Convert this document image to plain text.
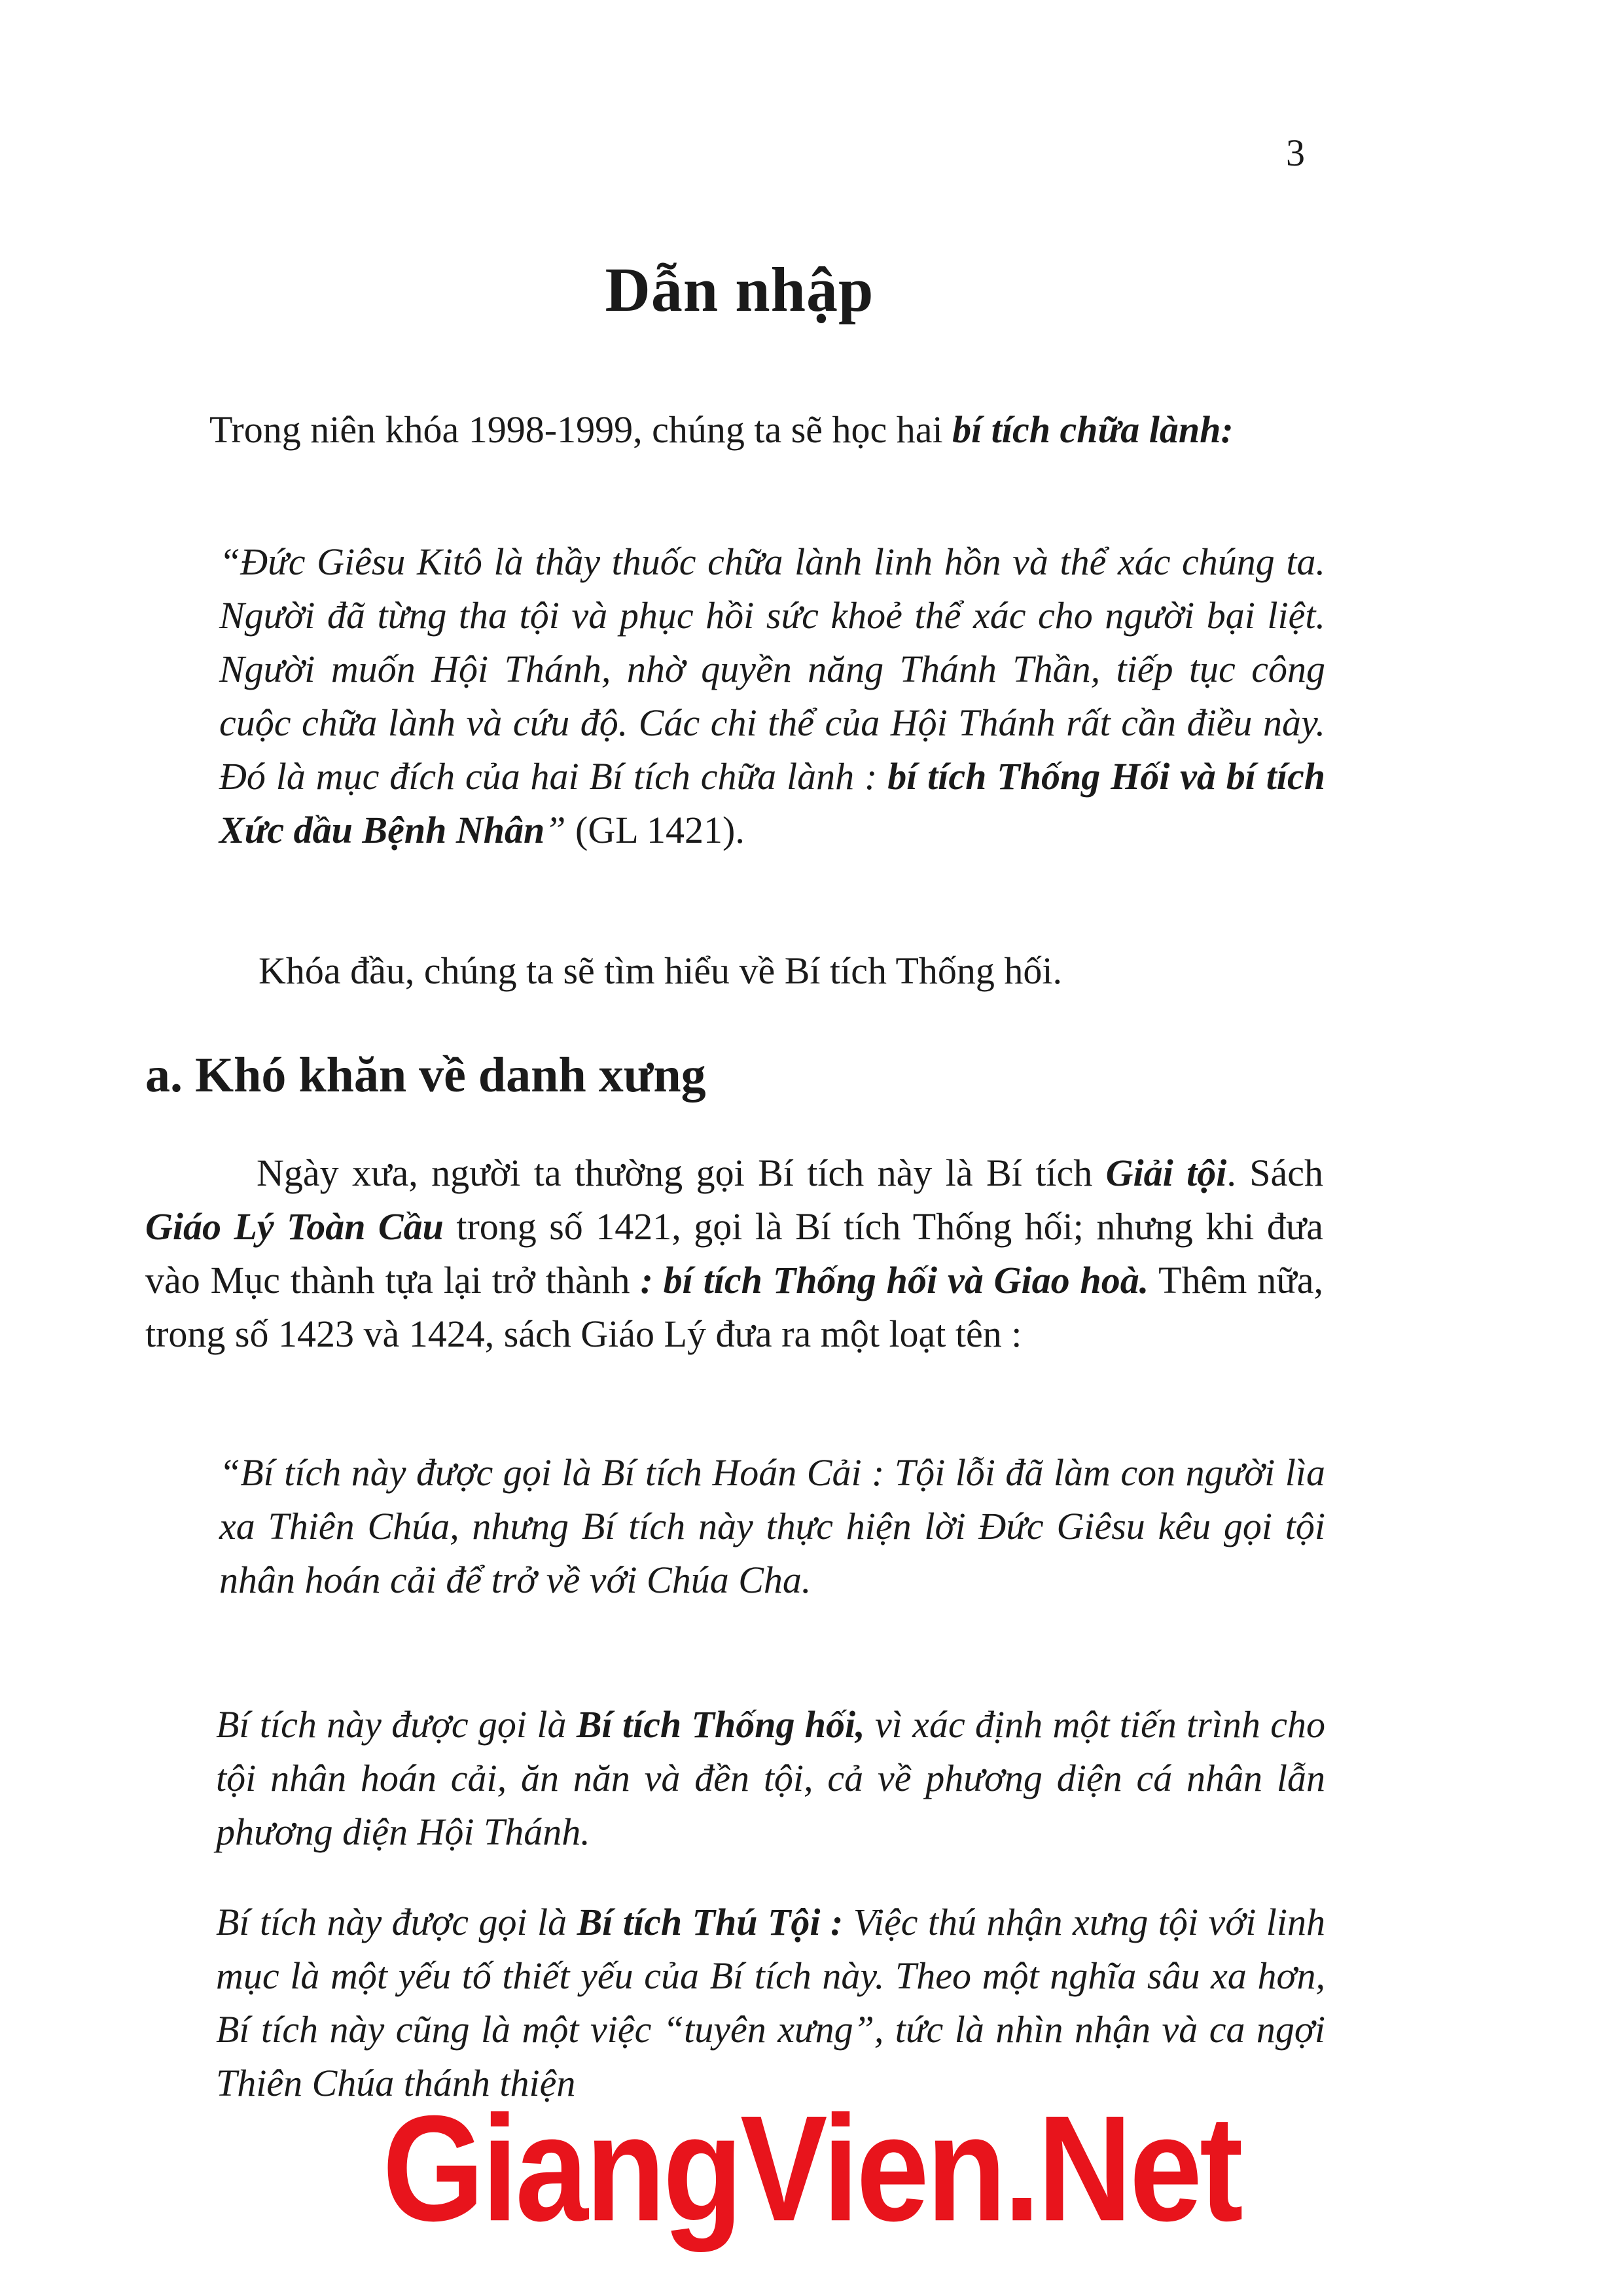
3
Dẫn nhập

Trong niên khóa 1998-1999, chúng ta sẽ học hai bí tích chữa lành:

“Đức Giêsu Kitô là thầy thuốc chữa lành linh hồn và thể xác chúng ta. Người đã từng tha tội và phục hồi sức khoẻ thể xác cho người bại liệt. Người muốn Hội Thánh, nhờ quyền năng Thánh Thần, tiếp tục công cuộc chữa lành và cứu độ. Các chi thể của Hội Thánh rất cần điều này. Đó là mục đích của hai Bí tích chữa lành : bí tích Thống Hối và bí tích Xức dầu Bệnh Nhân” (GL 1421).

Khóa đầu, chúng ta sẽ tìm hiểu về Bí tích Thống hối.

a. Khó khăn về danh xưng

Ngày xưa, người ta thường gọi Bí tích này là Bí tích Giải tội. Sách Giáo Lý Toàn Cầu trong số 1421, gọi là Bí tích Thống hối; nhưng khi đưa vào Mục thành tựa lại trở thành : bí tích Thống hối và Giao hoà. Thêm nữa, trong số 1423 và 1424, sách Giáo Lý đưa ra một loạt tên :

“Bí tích này được gọi là Bí tích Hoán Cải : Tội lỗi đã làm con người lìa xa Thiên Chúa, nhưng Bí tích này thực hiện lời Đức Giêsu kêu gọi tội nhân hoán cải để trở về với Chúa Cha.

Bí tích này được gọi là Bí tích Thống hối, vì xác định một tiến trình cho tội nhân hoán cải, ăn năn và đền tội, cả về phương diện cá nhân lẫn phương diện Hội Thánh.

Bí tích này được gọi là Bí tích Thú Tội : Việc thú nhận xưng tội với linh mục là một yếu tố thiết yếu của Bí tích này. Theo một nghĩa sâu xa hơn, Bí tích này cũng là một việc “tuyên xưng”, tức là nhìn nhận và ca ngợi Thiên Chúa thánh thiện

GiangVien.Net
